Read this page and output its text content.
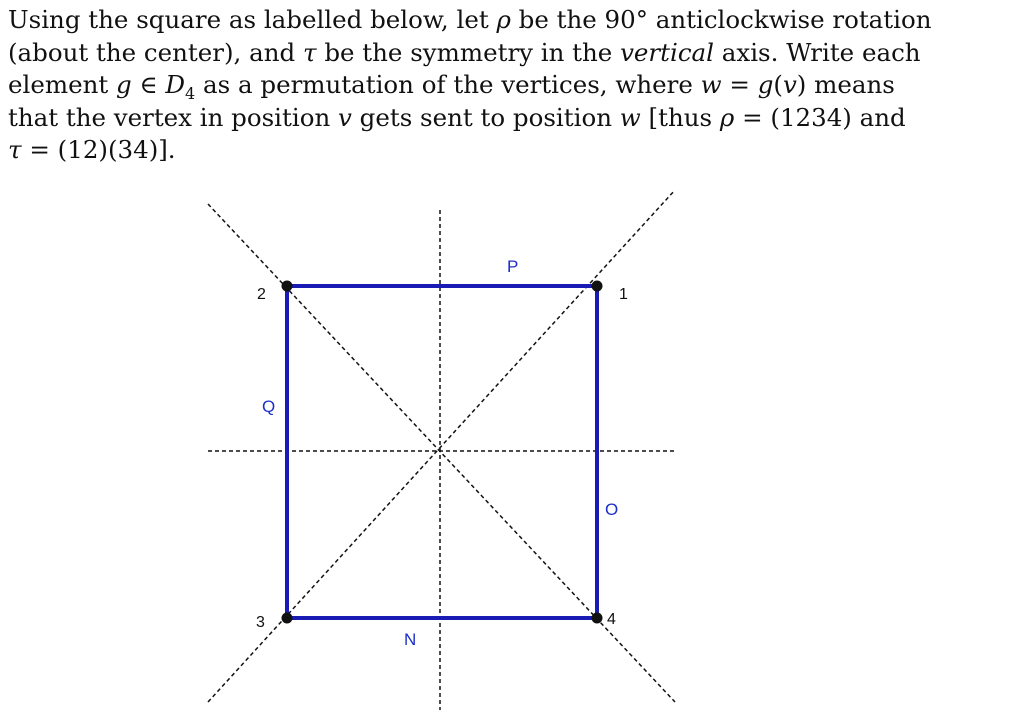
Using the square as labelled below, let ρ be the 90° anticlockwise rotation
(about the center), and τ be the symmetry in the vertical axis. Write each
element g ∈ $D_4$ as a permutation of the vertices, where w = g(v) means
that the vertex in position v gets sent to position w [thus ρ = (1234) and
τ = (12)(34)].
1
2
3	4
P
Q
O
N
